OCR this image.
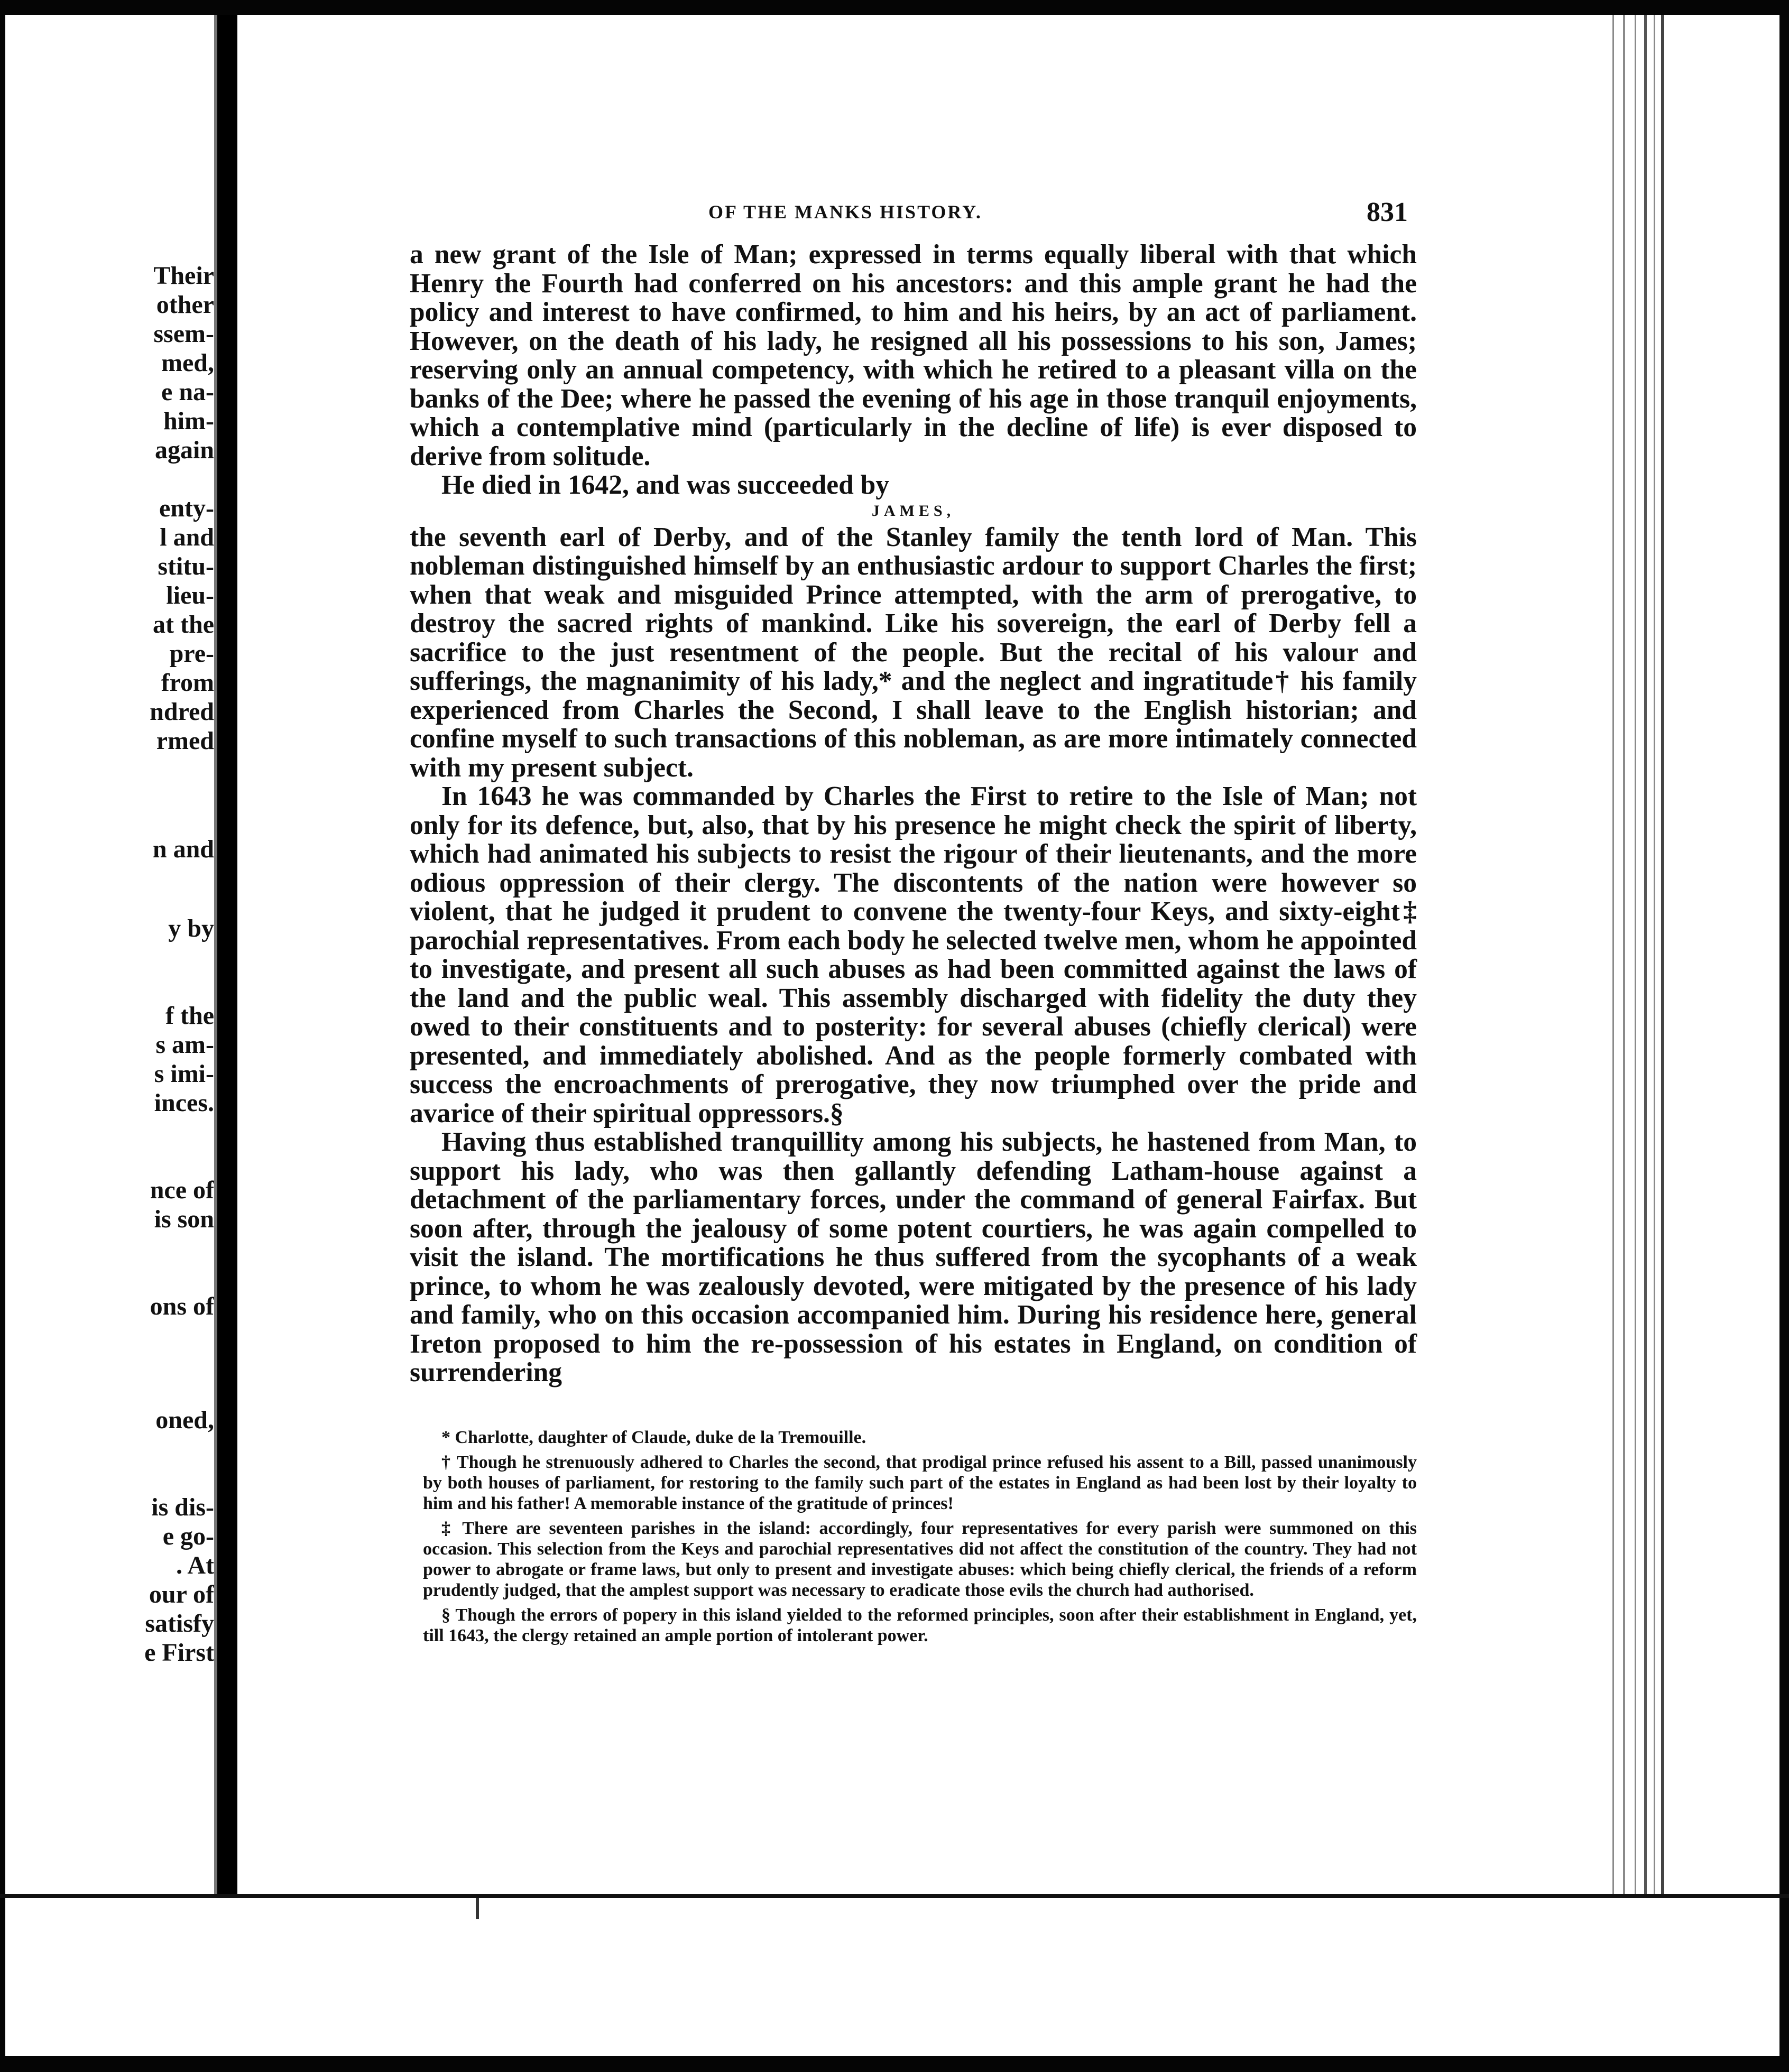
Their
other
ssem-
med,
e na-
him-
again
enty-
l and
stitu-
lieu-
at the
pre-
from
ndred
rmed
n and
y by
f the
s am-
s imi-
inces.
nce of
is son
ons of
oned,
is dis-
e go-
. At
our of
satisfy
e First
OF THE MANKS HISTORY.	831

a new grant of the Isle of Man; expressed in terms equally liberal with that which Henry the Fourth had conferred on his ancestors: and this ample grant he had the policy and interest to have confirmed, to him and his heirs, by an act of parliament. However, on the death of his lady, he resigned all his possessions to his son, James; reserving only an annual competency, with which he retired to a pleasant villa on the banks of the Dee; where he passed the evening of his age in those tranquil enjoyments, which a contemplative mind (particularly in the decline of life) is ever disposed to derive from solitude.

He died in 1642, and was succeeded by

JAMES,

the seventh earl of Derby, and of the Stanley family the tenth lord of Man. This nobleman distinguished himself by an enthusiastic ardour to support Charles the first; when that weak and misguided Prince attempted, with the arm of prerogative, to destroy the sacred rights of mankind. Like his sovereign, the earl of Derby fell a sacrifice to the just resentment of the people. But the recital of his valour and sufferings, the magnanimity of his lady,* and the neglect and ingratitude† his family experienced from Charles the Second, I shall leave to the English historian; and confine myself to such transactions of this nobleman, as are more intimately connected with my present subject.

In 1643 he was commanded by Charles the First to retire to the Isle of Man; not only for its defence, but, also, that by his presence he might check the spirit of liberty, which had animated his subjects to resist the rigour of their lieutenants, and the more odious oppression of their clergy. The discontents of the nation were however so violent, that he judged it prudent to convene the twenty-four Keys, and sixty-eight‡ parochial representatives. From each body he selected twelve men, whom he appointed to investigate, and present all such abuses as had been committed against the laws of the land and the public weal. This assembly discharged with fidelity the duty they owed to their constituents and to posterity: for several abuses (chiefly clerical) were presented, and immediately abolished. And as the people formerly combated with success the encroachments of prerogative, they now triumphed over the pride and avarice of their spiritual oppressors.§

Having thus established tranquillity among his subjects, he hastened from Man, to support his lady, who was then gallantly defending Latham-house against a detachment of the parliamentary forces, under the command of general Fairfax. But soon after, through the jealousy of some potent courtiers, he was again compelled to visit the island. The mortifications he thus suffered from the sycophants of a weak prince, to whom he was zealously devoted, were mitigated by the presence of his lady and family, who on this occasion accompanied him. During his residence here, general Ireton proposed to him the re-possession of his estates in England, on condition of surrendering

* Charlotte, daughter of Claude, duke de la Tremouille.

† Though he strenuously adhered to Charles the second, that prodigal prince refused his assent to a Bill, passed unanimously by both houses of parliament, for restoring to the family such part of the estates in England as had been lost by their loyalty to him and his father! A memorable instance of the gratitude of princes!

‡ There are seventeen parishes in the island: accordingly, four representatives for every parish were summoned on this occasion. This selection from the Keys and parochial representatives did not affect the constitution of the country. They had not power to abrogate or frame laws, but only to present and investigate abuses: which being chiefly clerical, the friends of a reform prudently judged, that the amplest support was necessary to eradicate those evils the church had authorised.

§ Though the errors of popery in this island yielded to the reformed principles, soon after their establishment in England, yet, till 1643, the clergy retained an ample portion of intolerant power.
